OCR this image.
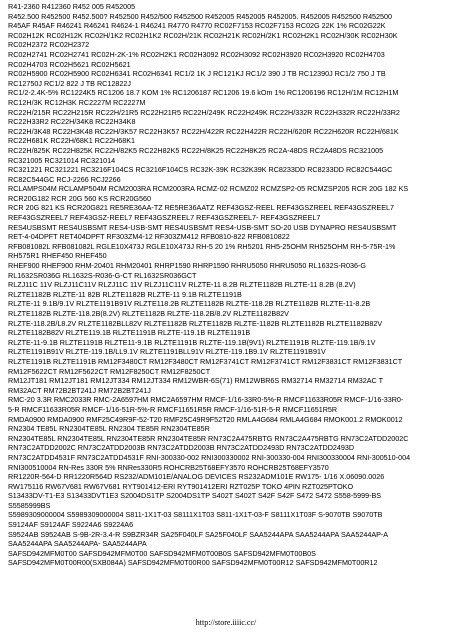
R41-2360 R412360 R452 005 R452005

R452.500 R452500 R452.500? R452500 R452/500 R452500 R452005 R452005 R452005. R452005 R452500 R452500

R45AF R45AF R46241 R46241 R4624-1 R46241 R4770 R4770 RC02F7153 RC02F7153 RC02G 22K 1% RC02G22K

RC02H12K RC02H12K RC02H/1K2 RC02H1K2 RC02H/21K RC02H21K RC02H/2K1 RC02H2K1 RC02H/30K RC02H30K

RC02H2372 RC02H2372

RC02H2741 RC02H2741 RC02H-2K-1% RC02H2K1 RC02H3092 RC02H3092 RC02H3920 RC02H3920 RC02H4703

RC02H4703 RC02H5621 RC02H5621

RC02H5900 RC02H5900 RC02H6341 RC02H6341 RC1/2 1K J RC121KJ RC1/2 390 J TB RC12390J RC1/2 750 J TB

RC12750J RC1/2 822 J TB RC12822J

RC1/2-2.4K-5% RC1224K5 RC1206 18.7 KOM 1% RC1206187 RC1206 19.6 kOm 1% RC1206196 RC12H/1M RC12H1M

RC12H/3K RC12H3K RC2227M RC2227M

RC22H/215R RC22H215R RC22H/21R5 RC22H21R5 RC22H/249K RC22H249K RC22H/332R RC22H332R RC22H/33R2

RC22H33R2 RC22H/34K8 RC22H34K8

RC22H/3K48 RC22H3K48 RC22H/3K57 RC22H3K57 RC22H/422R RC22H422R RC22H/620R RC22H620R RC22H/681K

RC22H681K RC22H/68K1 RC22H68K1

RC22H/825K RC22H825K RC22H/82K5 RC22H82K5 RC22H/8K25 RC22H8K25 RC2A-48DS RC2A48DS RC321005

RC321005 RC321014 RC321014

RC321221 RC321221 RC3216F104CS RC3216F104CS RC32K-39K RC32K39K RC8233DD RC8233DD RC82C544GC

RC82C544GC RCJ-2266 RCJ2266

RCLAMPS04M RCLAMP504M RCM2003RA RCM2003RA RCMZ-02 RCMZ02 RCMZSP2-05 RCMZSP205 RCR 20G 182 KS

RCR20G182 RCR 20G 560 KS RCR20G560

RCR 20G 821 KS RCR20G821 RE5RE36AA-TZ RE5RE36AATZ REF43GSZ-REEL REF43GSZREEL REF43GSZREEL7

REF43GSZREEL7 REF43GSZ-REEL7 REF43GSZREEL7 REF43GSZREEL7- REF43GSZREEL7

RES4USBSMT RES4USBSMT RES4-USB-SMT RES4USBSMT RES4-USB-SMT SO-20 USB DYNAPRO RES4USBSMT

RET-4-04DPFT RET404DPFT RF303ZM4-12 RF303ZM412 RFB0810-822 RFB0810822

RFB081082L RFB081082L RGLE10X473J RGLE10X473J RH-5 20 1% RH5201 RH5-25OHM RH525OHM RH-5-75R-1%

RH575R1 RHEF450 RHEF450

RHEF900 RHEF900 RHM-20401 RHM20401 RHRP1590 RHRP1590 RHRU5050 RHRU5050 RL1632S-R036-G

RL1632SR036G RL1632S-R036-G-CT RL1632SR036GCT

RLZJ11C 11V RLZJ11C11V RLZJ11C 11V RLZJ11C11V RLZTE-11 8.2B RLZTE1182B RLZTE-11 8.2B (8.2V)

RLZTE1182B RLZTE-11 82B RLZTE1182B RLZTE-11 9.1B RLZTE1191B

RLZTE-11 9.1B/9.1V RLZTE1191B91V RLZTE118.2B RLZTE1182B RLZTE-118.2B RLZTE1182B RLZTE-11-8.2B

RLZTE1182B RLZTE-118.2B(8.2V) RLZTE1182B RLZTE-118.2B/8.2V RLZTE1182B82V

RLZTE-118.2B/L8.2V RLZTE1182BLL82V RLZTE1182B RLZTE1182B RLZTE-1182B RLZTE1182B RLZTE1182B82V

RLZTE1182B82V RLZTE119.1B RLZTE1191B RLZTE-119.1B RLZTE1191B

RLZTE-11-9.1B RLZTE1191B RLZTE11-9.1B RLZTE1191B RLZTE-119.1B(9V1) RLZTE1191B RLZTE-119.1B/9.1V

RLZTE1191B91V RLZTE-119.1B/LL9.1V RLZTE1191BLL91V RLZTE-119.1B9.1V RLZTE1191B91V

RLZTE1191B RLZTE1191B RM12F3480CT RM12F3480CT RM12F3741CT RM12F3741CT RM12F3831CT RM12F3831CT

RM12F5622CT RM12F5622CT RM12F8250CT RM12F8250CT

RM12JT181 RM12JT181 RM12JT334 RM12JT334 RM12WBR-6S(71) RM12WBR6S RM32714 RM32714 RM32AC T

RM32ACT RM72B2BT241J RM72B2BT241J

RMC-20 3.3R RMC2033R RMC-2A6597HM RMC2A6597HM RMCF-1/16-33R0-5%-R RMCF11633R05R RMCF-1/16-33R0-

5-R RMCF11633R05R RMCF-1/16-51R-5%-R RMCF11651R5R RMCF-1/16-51R-5-R RMCF11651R5R

RMDA0900 RMDA0900 RMF25C49R9F-52-T20 RMF25C49R9F52T20 RMLA4G684 RMLA4G684 RMOK001.2 RMOK0012

RN2304 TE85L RN2304TE85L RN2304 TE85R RN2304TE85R

RN2304TE85L RN2304TE85L RN2304TE85R RN2304TE85R RN73C2A475RBTG RN73C2A475RBTG RN73C2ATDD2002C

RN73C2ATDD2002C RN73C2ATDD2003B RN73C2ATDD2003B RN73C2ATDD2493D RN73C2ATDD2493D

RN73C2ATDD4531F RN73C2ATDD4531F RNI-300330-002 RNI300330002 RNI-300330-004 RNI300330004 RNI-300510-004

RNI300510004 RN-Res 330R 5% RNRes330R5 ROHCRB25T68EFY3570 ROHCRB25T68EFY3570

RR1220R-564-D RR1220R564D RS232/ADM101E/ANALOG DEVICES RS232ADM101E RW175- 1/16 X.06090.0026

RW175116 RW67V681 RW67V681 RYT901412-ERI RYT901412ERI RZT025P TOKO 4PIN RZT025PTOKO

S13433DV-T1-E3 S13433DVT1E3 S2004DS1TP S2004DS1TP S402T S402T S42F S42F S472 S472 S558-5999-BS

S5585999BS

S5989309000004 S5989309000004 S811-1X1T-03 S8111X1T03 S811-1X1T-03-F S8111X1T03F S-9070TB S9070TB

S9124AF S9124AF S9224A6 S9224A6

S9524AB S9524AB S-9B-2R-3.4-R S9BZR34R SA25F040LF SA25F040LF SAA5244APA SAA5244APA SAA5244AP-A

SAA5244APA SAA5244APA- SAA5244APA

SAFSD942MFM0T00 SAFSD942MFM0T00 SAFSD942MFM0T00B0S SAFSD942MFM0T00B0S

SAFSD942MFM0T00R00(SXB084A) SAFSD942MFM0T00R00 SAFSD942MFM0T00R12 SAFSD942MFM0T00R12

http://store.iiiic.cc/
